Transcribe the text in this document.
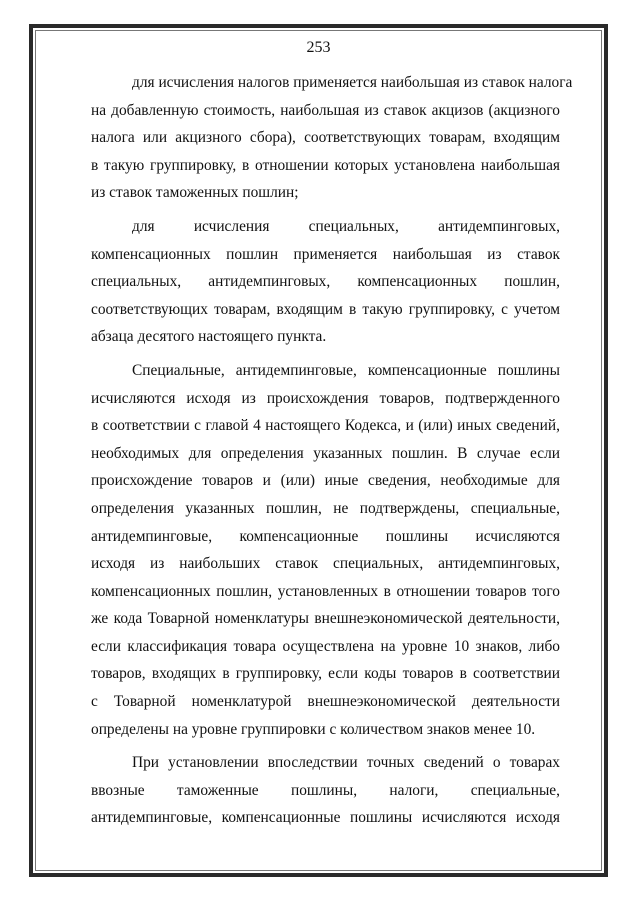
253

для исчисления налогов применяется наибольшая из ставок налога

на добавленную стоимость, наибольшая из ставок акцизов (акцизного

налога или акцизного сбора), соответствующих товарам, входящим

в такую группировку, в отношении которых установлена наибольшая

из ставок таможенных пошлин;

для исчисления специальных, антидемпинговых,

компенсационных пошлин применяется наибольшая из ставок

специальных, антидемпинговых, компенсационных пошлин,

соответствующих товарам, входящим в такую группировку, с учетом

абзаца десятого настоящего пункта.

Специальные, антидемпинговые, компенсационные пошлины

исчисляются исходя из происхождения товаров, подтвержденного

в соответствии с главой 4 настоящего Кодекса, и (или) иных сведений,

необходимых для определения указанных пошлин. В случае если

происхождение товаров и (или) иные сведения, необходимые для

определения указанных пошлин, не подтверждены, специальные,

антидемпинговые, компенсационные пошлины исчисляются

исходя из наибольших ставок специальных, антидемпинговых,

компенсационных пошлин, установленных в отношении товаров того

же кода Товарной номенклатуры внешнеэкономической деятельности,

если классификация товара осуществлена на уровне 10 знаков, либо

товаров, входящих в группировку, если коды товаров в соответствии

с Товарной номенклатурой внешнеэкономической деятельности

определены на уровне группировки с количеством знаков менее 10.

При установлении впоследствии точных сведений о товарах

ввозные таможенные пошлины, налоги, специальные,

антидемпинговые, компенсационные пошлины исчисляются исходя
